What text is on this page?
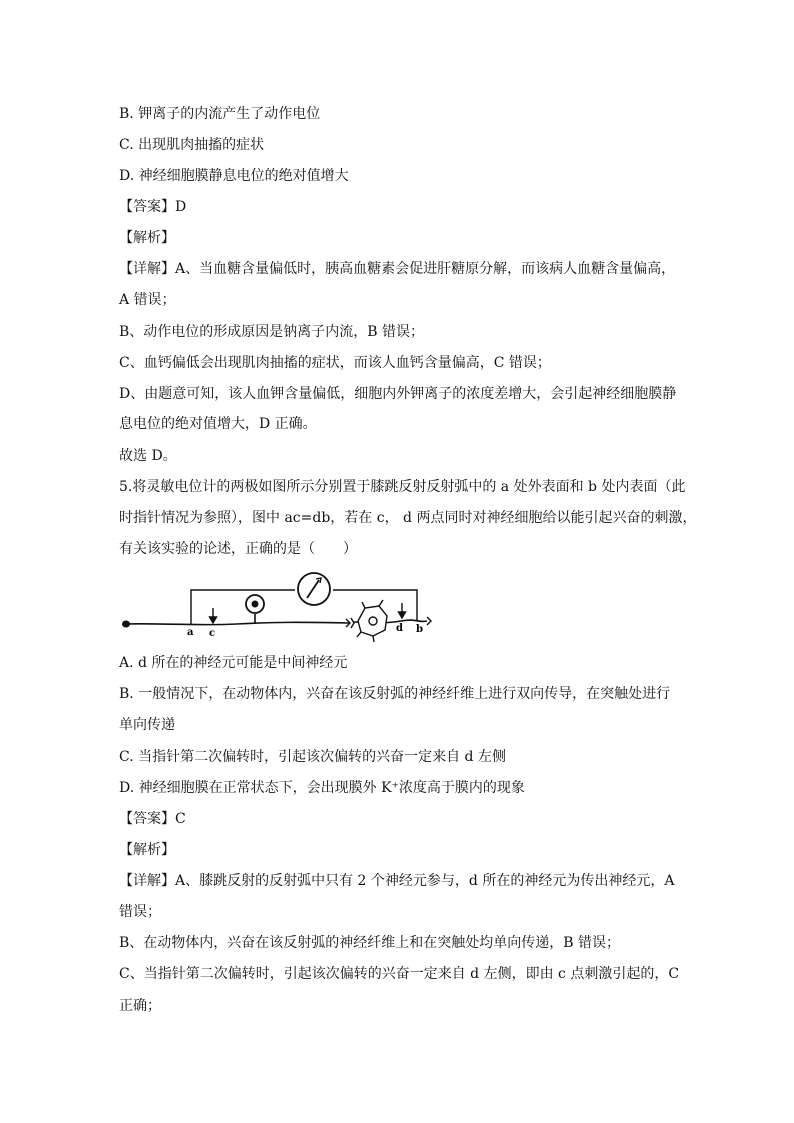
B. 钾离子的内流产生了动作电位
C. 出现肌肉抽搐的症状
D. 神经细胞膜静息电位的绝对值增大
【答案】D
【解析】
【详解】A、当血糖含量偏低时，胰高血糖素会促进肝糖原分解，而该病人血糖含量偏高，
A 错误；
B、动作电位的形成原因是钠离子内流，B 错误；
C、血钙偏低会出现肌肉抽搐的症状，而该人血钙含量偏高，C 错误；
D、由题意可知，该人血钾含量偏低，细胞内外钾离子的浓度差增大，会引起神经细胞膜静
息电位的绝对值增大，D 正确。
故选 D。
5.将灵敏电位计的两极如图所示分别置于膝跳反射反射弧中的 a 处外表面和 b 处内表面（此
时指针情况为参照），图中 ac=db，若在 c， d 两点同时对神经细胞给以能引起兴奋的刺激，
有关该实验的论述，正确的是（　　）
a c	d b
A. d 所在的神经元可能是中间神经元
B. 一般情况下，在动物体内，兴奋在该反射弧的神经纤维上进行双向传导，在突触处进行
单向传递
C. 当指针第二次偏转时，引起该次偏转的兴奋一定来自 d 左侧
D. 神经细胞膜在正常状态下，会出现膜外 K⁺浓度高于膜内的现象
【答案】C
【解析】
【详解】A、膝跳反射的反射弧中只有 2 个神经元参与，d 所在的神经元为传出神经元，A
错误；
B、在动物体内，兴奋在该反射弧的神经纤维上和在突触处均单向传递，B 错误；
C、当指针第二次偏转时，引起该次偏转的兴奋一定来自 d 左侧，即由 c 点刺激引起的，C
正确；
